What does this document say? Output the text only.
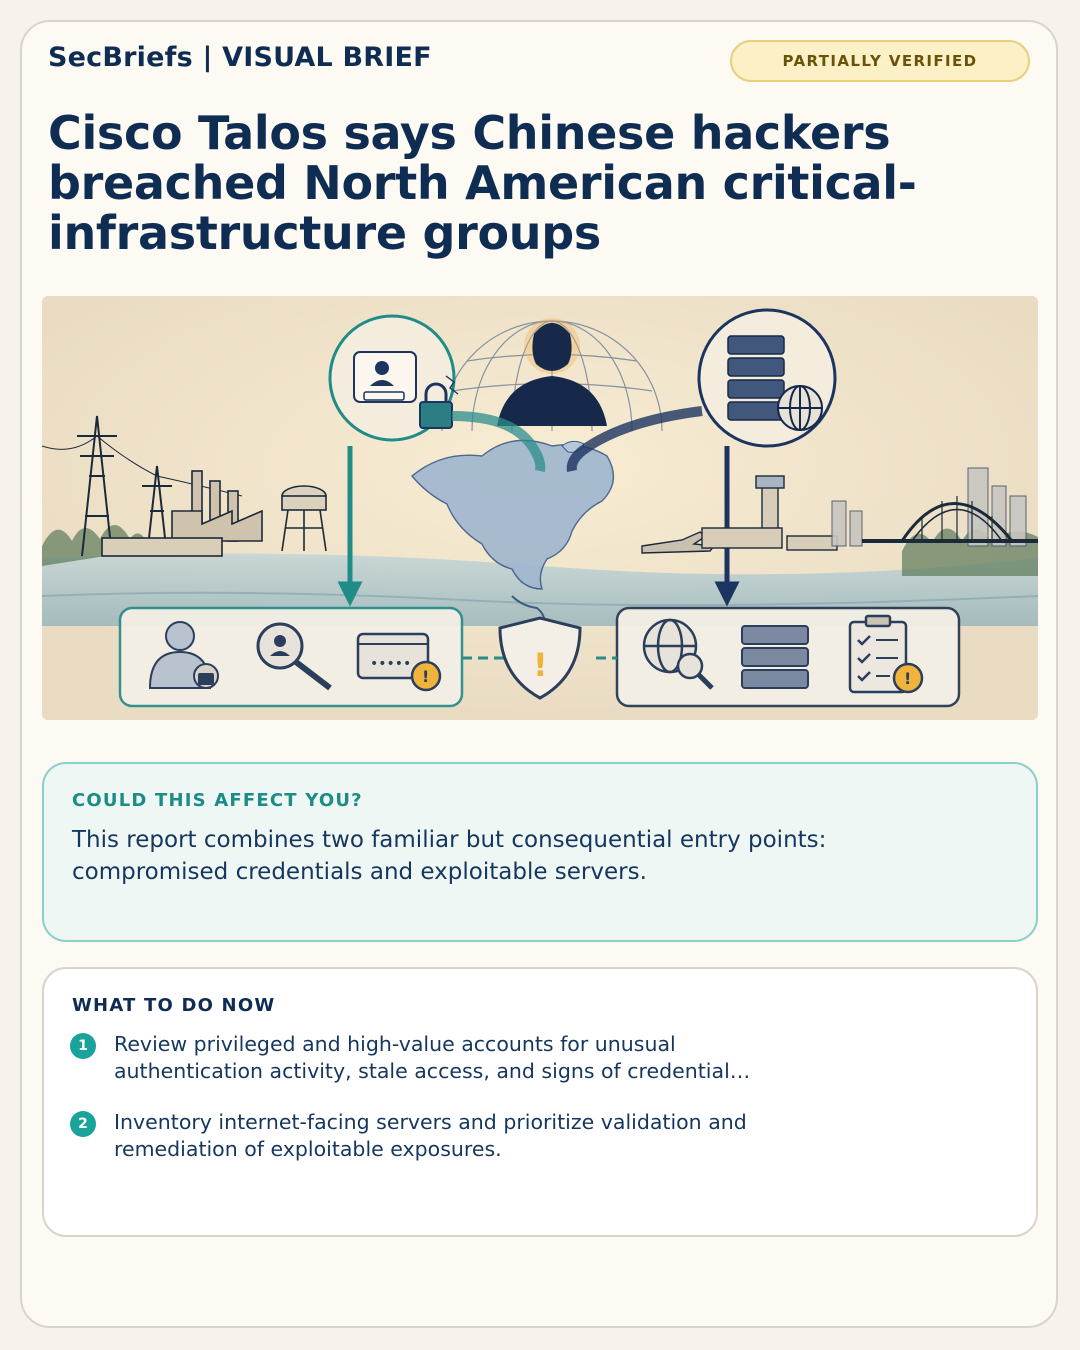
SecBriefs | VISUAL BRIEF	PARTIALLY VERIFIED
Cisco Talos says Chinese hackers breached North American critical-infrastructure groups
•••••
!	!	!
COULD THIS AFFECT YOU?

This report combines two familiar but consequential entry points: compromised credentials and exploitable servers.

WHAT TO DO NOW
1	Review privileged and high-value accounts for unusual authentication activity, stale access, and signs of credential…

2	Inventory internet-facing servers and prioritize validation and remediation of exploitable exposures.
